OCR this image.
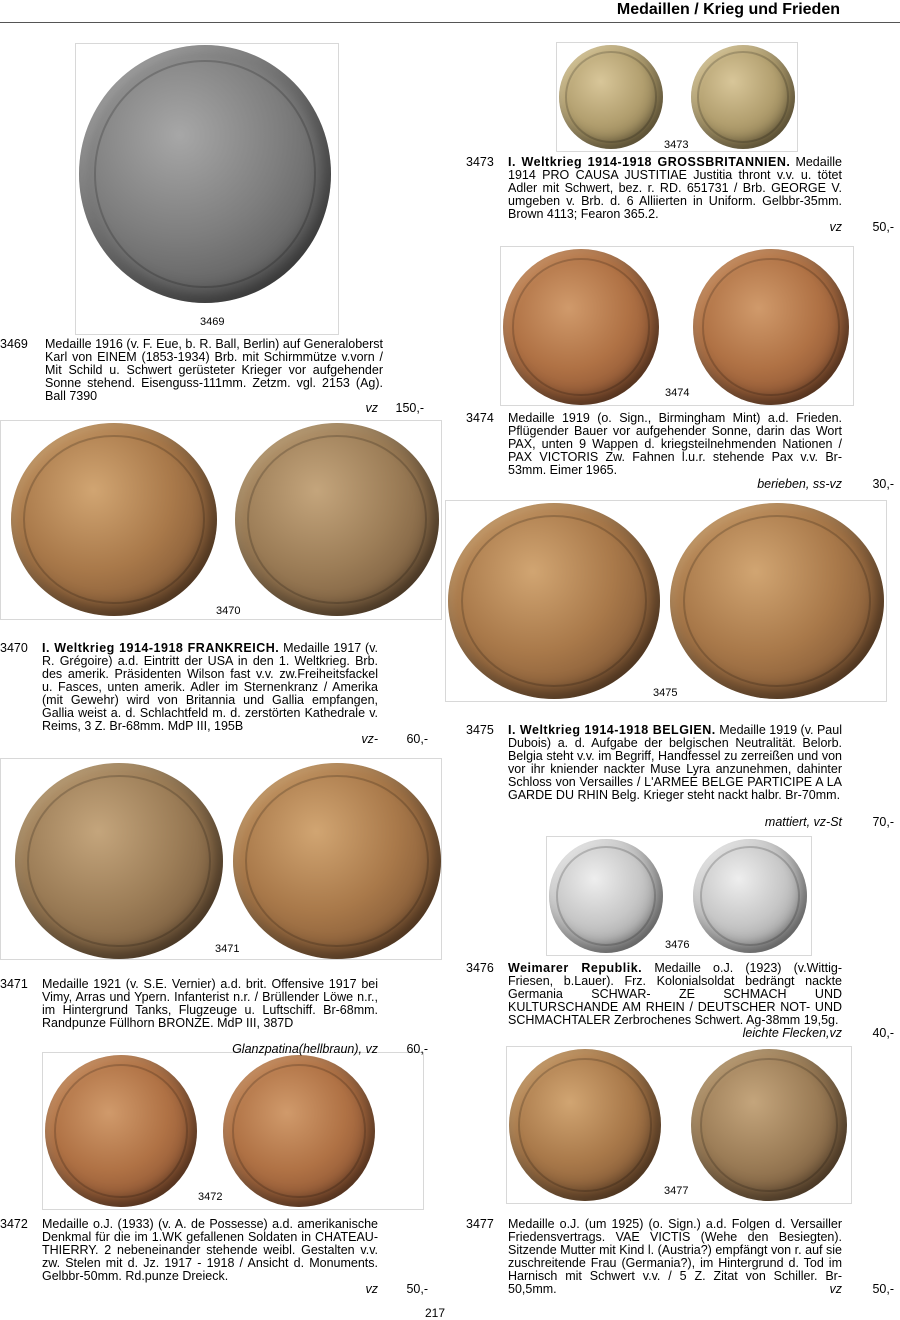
Medaillen / Krieg und Frieden
3469
3470
3471
3472
3473
3474
3475
3476
3477
3469 Medaille 1916 (v. F. Eue, b. R. Ball, Berlin) auf Generaloberst Karl von EINEM (1853-1934) Brb. mit Schirmmütze v.vorn / Mit Schild u. Schwert gerüsteter Krieger vor aufgehender Sonne stehend. Eisenguss-111mm. Zetzm. vgl. 2153 (Ag). Ball 7390
vz	150,-
3470 I. Weltkrieg 1914-1918 FRANKREICH. Medaille 1917 (v. R. Grégoire) a.d. Eintritt der USA in den 1. Weltkrieg. Brb. des amerik. Präsidenten Wilson fast v.v. zw.Freiheitsfackel u. Fasces, unten amerik. Adler im Sternenkranz / Amerika (mit Gewehr) wird von Britannia und Gallia empfangen, Gallia weist a. d. Schlachtfeld m. d. zerstörten Kathedrale v. Reims, 3 Z. Br-68mm. MdP III, 195B
vz-	60,-
3471 Medaille 1921 (v. S.E. Vernier) a.d. brit. Offensive 1917 bei Vimy, Arras und Ypern. Infanterist n.r. / Brüllender Löwe n.r., im Hintergrund Tanks, Flugzeuge u. Luftschiff. Br-68mm. Randpunze Füllhorn BRONZE. MdP III, 387D
Glanzpatina(hellbraun), vz	60,-
3472 Medaille o.J. (1933) (v. A. de Possesse) a.d. amerikanische Denkmal für die im 1.WK gefallenen Soldaten in CHATEAU-THIERRY. 2 nebeneinander stehende weibl. Gestalten v.v. zw. Stelen mit d. Jz. 1917 - 1918 / Ansicht d. Monuments. Gelbbr-50mm. Rd.punze Dreieck.
vz	50,-
3473 I. Weltkrieg 1914-1918 GROSSBRITANNIEN. Medaille 1914 PRO CAUSA JUSTITIAE Justitia thront v.v. u. tötet Adler mit Schwert, bez. r. RD. 651731 / Brb. GEORGE V. umgeben v. Brb. d. 6 Alliierten in Uniform. Gelbbr-35mm. Brown 4113; Fearon 365.2.
vz	50,-
3474 Medaille 1919 (o. Sign., Birmingham Mint) a.d. Frieden. Pflügender Bauer vor aufgehender Sonne, darin das Wort PAX, unten 9 Wappen d. kriegsteilnehmenden Nationen / PAX VICTORIS Zw. Fahnen l.u.r. stehende Pax v.v. Br-53mm. Eimer 1965.
berieben, ss-vz	30,-
3475 I. Weltkrieg 1914-1918 BELGIEN. Medaille 1919 (v. Paul Dubois) a. d. Aufgabe der belgischen Neutralität. Belorb. Belgia steht v.v. im Begriff, Handfessel zu zerreißen und von vor ihr kniender nackter Muse Lyra anzunehmen, dahinter Schloss von Versailles / L'ARMEE BELGE PARTICIPE A LA GARDE DU RHIN Belg. Krieger steht nackt halbr. Br-70mm.
mattiert, vz-St	70,-
3476 Weimarer Republik. Medaille o.J. (1923) (v.Wittig-Friesen, b.Lauer). Frz. Kolonialsoldat bedrängt nackte Germania SCHWAR- ZE SCHMACH UND KULTURSCHANDE AM RHEIN / DEUTSCHER NOT- UND SCHMACHTALER Zerbrochenes Schwert. Ag-38mm 19,5g.
leichte Flecken,vz	40,-
3477 Medaille o.J. (um 1925) (o. Sign.) a.d. Folgen d. Versailler Friedensvertrags. VAE VICTIS (Wehe den Besiegten). Sitzende Mutter mit Kind l. (Austria?) empfängt von r. auf sie zuschreitende Frau (Germania?), im Hintergrund d. Tod im Harnisch mit Schwert v.v. / 5 Z. Zitat von Schiller. Br-50,5mm.	vz	50,-
217
